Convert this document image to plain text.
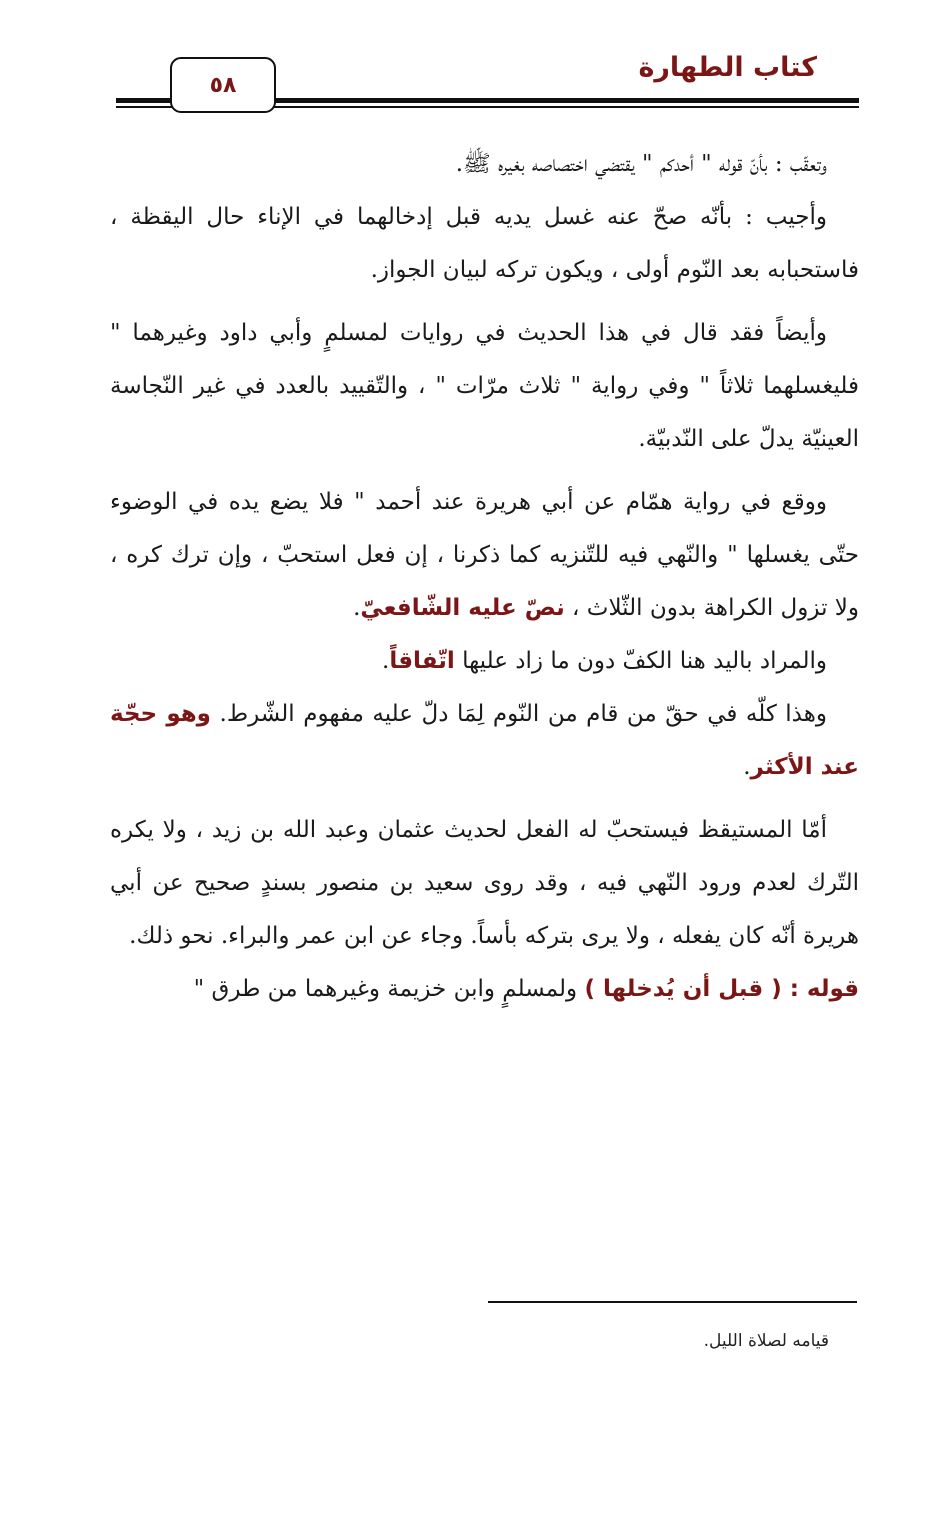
كتاب الطهارة
٥٨

وتعقّب : بأنّ قوله " أحدكم " يقتضي اختصاصه بغيره ﷺ.

وأجيب : بأنّه صحّ عنه غسل يديه قبل إدخالهما في الإناء حال اليقظة ، فاستحبابه بعد النّوم أولى ، ويكون تركه لبيان الجواز.

وأيضاً فقد قال في هذا الحديث في روايات لمسلمٍ وأبي داود وغيرهما " فليغسلهما ثلاثاً " وفي رواية " ثلاث مرّات " ، والتّقييد بالعدد في غير النّجاسة العينيّة يدلّ على النّدبيّة.

ووقع في رواية همّام عن أبي هريرة عند أحمد " فلا يضع يده في الوضوء حتّى يغسلها " والنّهي فيه للتّنزيه كما ذكرنا ، إن فعل استحبّ ، وإن ترك كره ، ولا تزول الكراهة بدون الثّلاث ، نصّ عليه الشّافعيّ.

والمراد باليد هنا الكفّ دون ما زاد عليها اتّفاقاً.

وهذا كلّه في حقّ من قام من النّوم لِمَا دلّ عليه مفهوم الشّرط. وهو حجّة عند الأكثر.

أمّا المستيقظ فيستحبّ له الفعل لحديث عثمان وعبد الله بن زيد ، ولا يكره التّرك لعدم ورود النّهي فيه ، وقد روى سعيد بن منصور بسندٍ صحيح عن أبي هريرة أنّه كان يفعله ، ولا يرى بتركه بأساً. وجاء عن ابن عمر والبراء. نحو ذلك.

قوله : ( قبل أن يُدخلها ) ولمسلمٍ وابن خزيمة وغيرهما من طرق "

قيامه لصلاة الليل.
